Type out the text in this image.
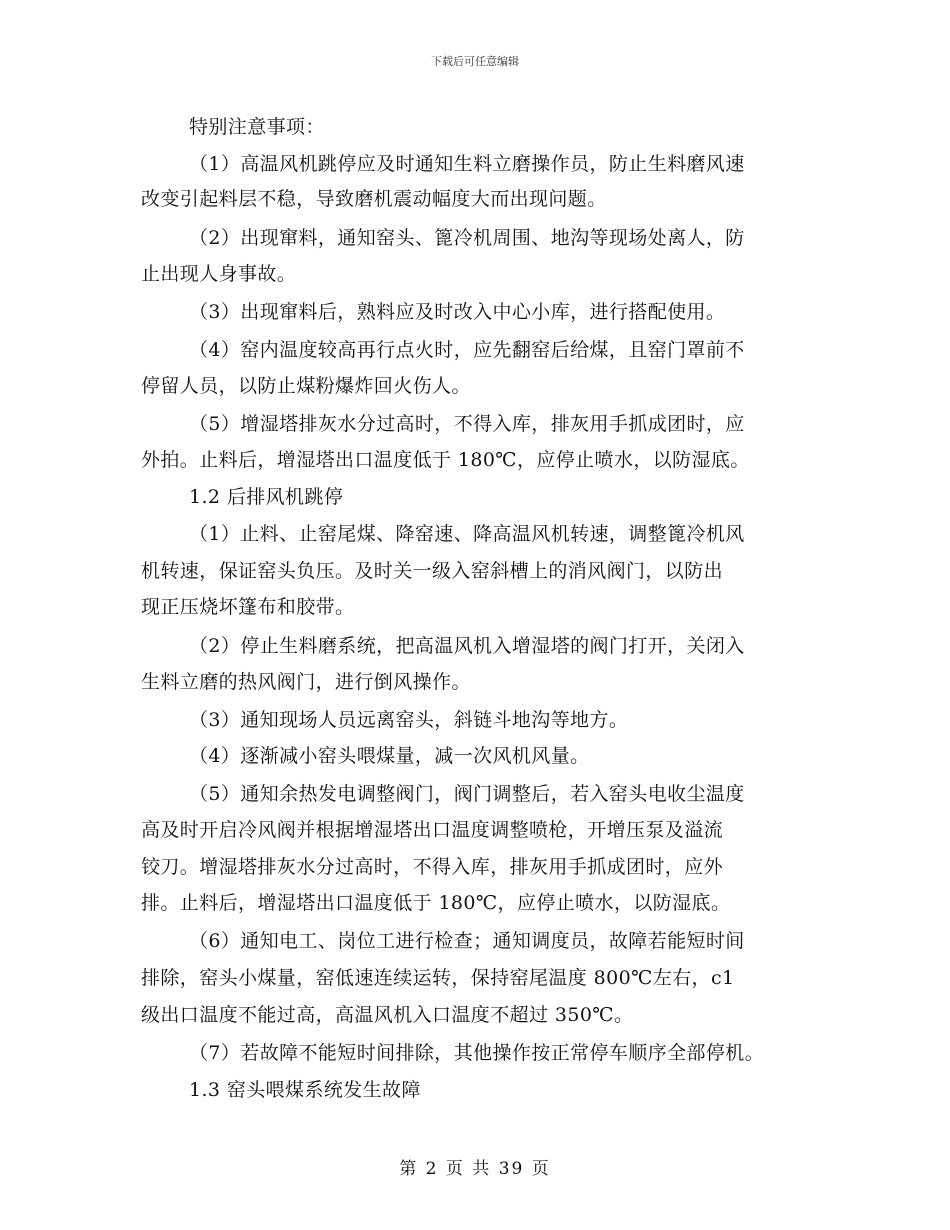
下载后可任意编辑
特别注意事项：
（1）高温风机跳停应及时通知生料立磨操作员，防止生料磨风速
改变引起料层不稳，导致磨机震动幅度大而出现问题。
（2）出现窜料，通知窑头、篦冷机周围、地沟等现场处离人，防
止出现人身事故。
（3）出现窜料后，熟料应及时改入中心小库，进行搭配使用。
（4）窑内温度较高再行点火时，应先翻窑后给煤，且窑门罩前不
停留人员，以防止煤粉爆炸回火伤人。
（5）增湿塔排灰水分过高时，不得入库，排灰用手抓成团时，应
外拍。止料后，增湿塔出口温度低于 180℃，应停止喷水，以防湿底。
1.2 后排风机跳停
（1）止料、止窑尾煤、降窑速、降高温风机转速，调整篦冷机风
机转速，保证窑头负压。及时关一级入窑斜槽上的消风阀门，以防出
现正压烧坏篷布和胶带。
（2）停止生料磨系统，把高温风机入增湿塔的阀门打开，关闭入
生料立磨的热风阀门，进行倒风操作。
（3）通知现场人员远离窑头，斜链斗地沟等地方。
（4）逐渐减小窑头喂煤量，减一次风机风量。
（5）通知余热发电调整阀门，阀门调整后，若入窑头电收尘温度
高及时开启冷风阀并根据增湿塔出口温度调整喷枪，开增压泵及溢流
铰刀。增湿塔排灰水分过高时，不得入库，排灰用手抓成团时，应外
排。止料后，增湿塔出口温度低于 180℃，应停止喷水，以防湿底。
（6）通知电工、岗位工进行检查；通知调度员，故障若能短时间
排除，窑头小煤量，窑低速连续运转，保持窑尾温度 800℃左右，c1
级出口温度不能过高，高温风机入口温度不超过 350℃。
（7）若故障不能短时间排除，其他操作按正常停车顺序全部停机。
1.3 窑头喂煤系统发生故障
第 2 页 共 39 页
